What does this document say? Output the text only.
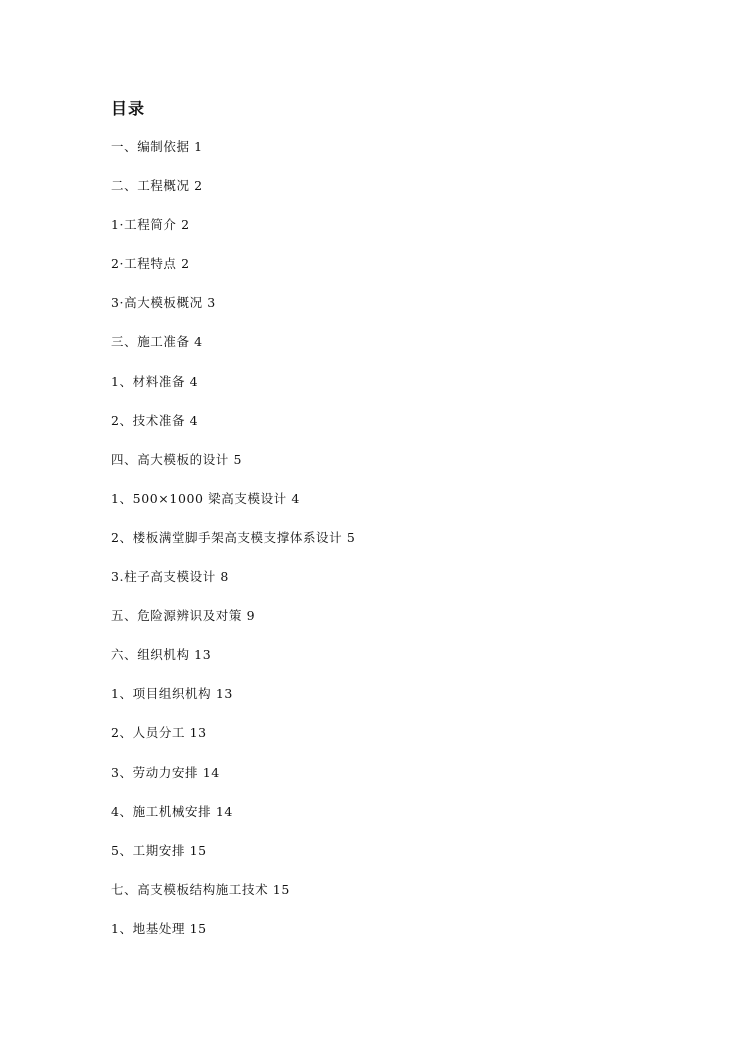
目录
一、编制依据 1
二、工程概况 2
1·工程简介 2
2·工程特点 2
3·高大模板概况 3
三、施工准备 4
1、材料准备 4
2、技术准备 4
四、高大模板的设计 5
1、500×1000 梁高支模设计 4
2、楼板满堂脚手架高支模支撑体系设计 5
3.柱子高支模设计 8
五、危险源辨识及对策 9
六、组织机构 13
1、项目组织机构 13
2、人员分工 13
3、劳动力安排 14
4、施工机械安排 14
5、工期安排 15
七、高支模板结构施工技术 15
1、地基处理 15
